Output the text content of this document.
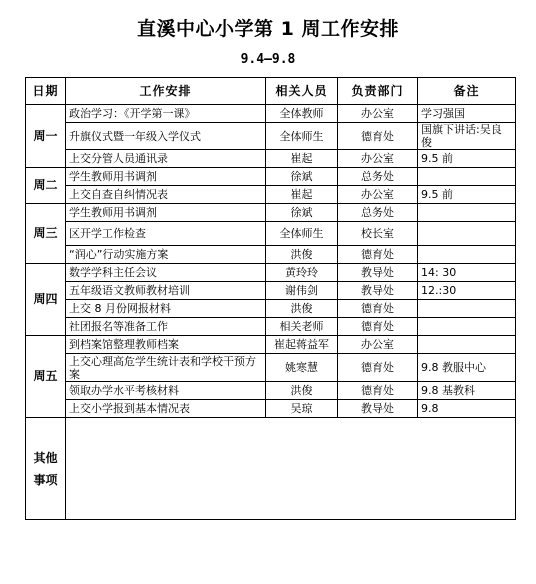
直溪中心小学第 1 周工作安排
9.4—9.8
日期	工作安排	相关人员	负责部门	备注
周一	政治学习：《开学第一课》	全体教师	办公室	学习强国
	升旗仪式暨一年级入学仪式	全体师生	德育处	国旗下讲话:吴良俊
	上交分管人员通讯录	崔起	办公室	9.5 前
周二	学生教师用书调剂	徐斌	总务处	
	上交自查自纠情况表	崔起	办公室	9.5 前
周三	学生教师用书调剂	徐斌	总务处	
	区开学工作检查	全体师生	校长室	
	“润心”行动实施方案	洪俊	德育处	
周四	数学学科主任会议	黄玲玲	教导处	14: 30
	五年级语文教师教材培训	谢伟剑	教导处	12.:30
	上交 8 月份网报材料	洪俊	德育处	
	社团报名等准备工作	相关老师	德育处	
周五	到档案馆整理教师档案	崔起蒋益军	办公室	
	上交心理高危学生统计表和学校干预方案	姚寒慧	德育处	9.8 教服中心
	领取办学水平考核材料	洪俊	德育处	9.8 基教科
	上交小学报到基本情况表	吴琼	教导处	9.8
其他
事项				
